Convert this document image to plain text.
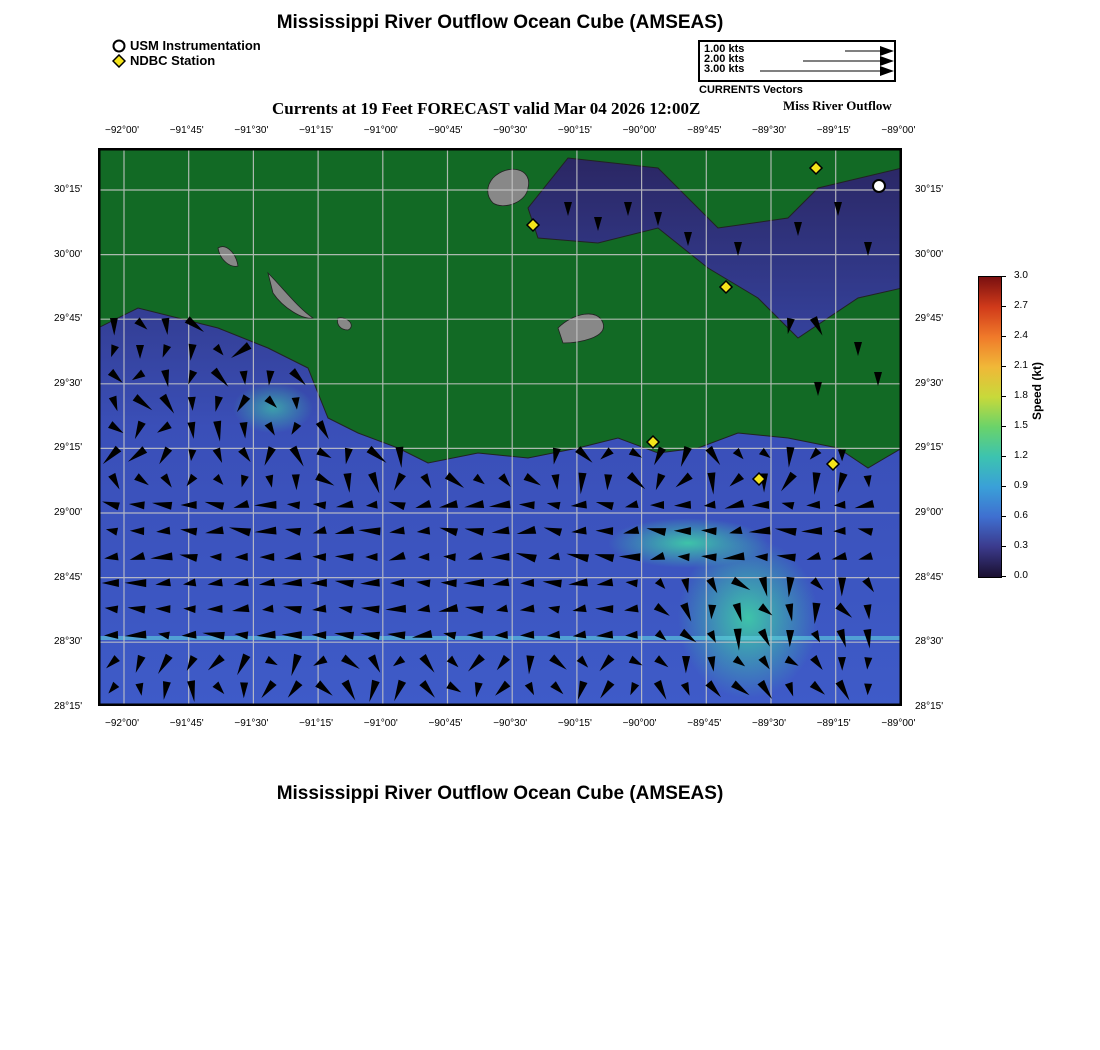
Mississippi River Outflow Ocean Cube (AMSEAS)
Currents at 19 Feet FORECAST valid Mar 04 2026 12:00Z	Miss River Outflow
USM Instrumentation
NDBC Station
1.00 kts
2.00 kts
3.00 kts
CURRENTS Vectors
−92°00'	−91°45'	−91°30'	−91°15'	−91°00'	−90°45'	−90°30'	−90°15'	−90°00'	−89°45'	−89°30'	−89°15'	−89°00'
−92°00'	−91°45'	−91°30'	−91°15'	−91°00'	−90°45'	−90°30'	−90°15'	−90°00'	−89°45'	−89°30'	−89°15'	−89°00'
30°15'
30°00'
29°45'
29°30'
29°15'
29°00'
28°45'
28°30'
28°15'
30°15'
30°00'
29°45'
29°30'
29°15'
29°00'
28°45'
28°30'
28°15'
3.0
2.7
2.4
2.1
1.8
1.5
1.2
0.9
0.6
0.3
0.0
Speed (kt)
Mississippi River Outflow Ocean Cube (AMSEAS)
